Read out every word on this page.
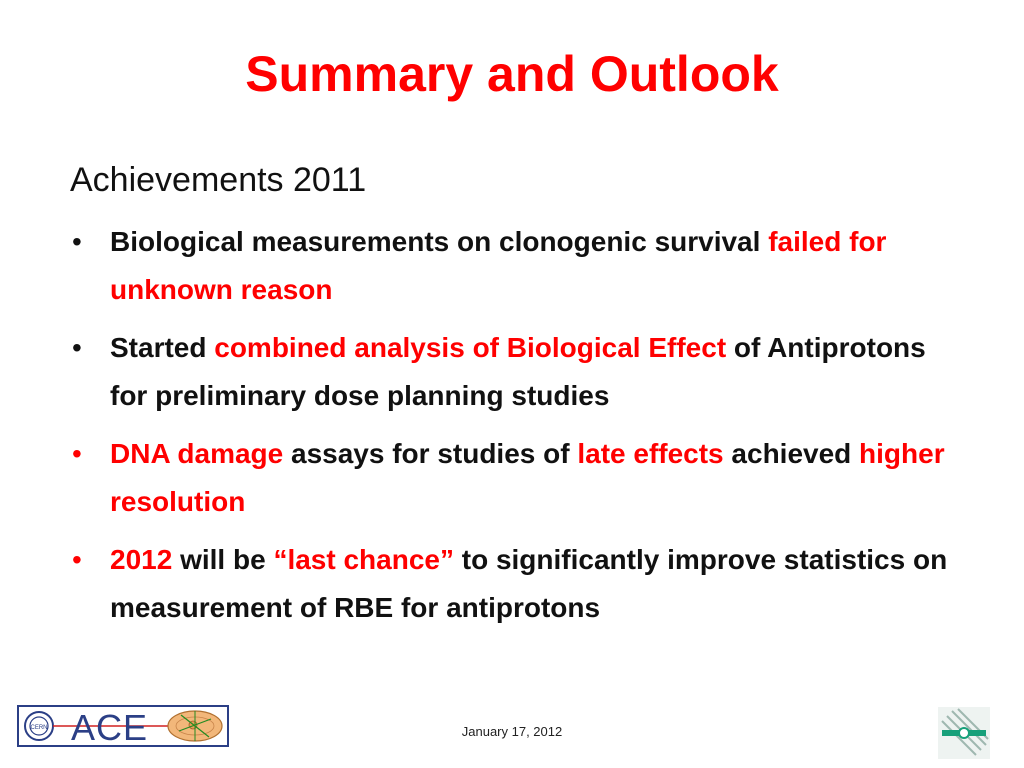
Summary and Outlook
Achievements 2011
• Biological measurements on clonogenic survival failed for unknown reason
• Started combined analysis of Biological Effect of Antiprotons for preliminary dose planning studies
• DNA damage assays for studies of late effects achieved higher resolution
• 2012 will be “last chance” to significantly improve statistics on measurement of RBE for antiprotons
CERN ACE	January 17, 2012
